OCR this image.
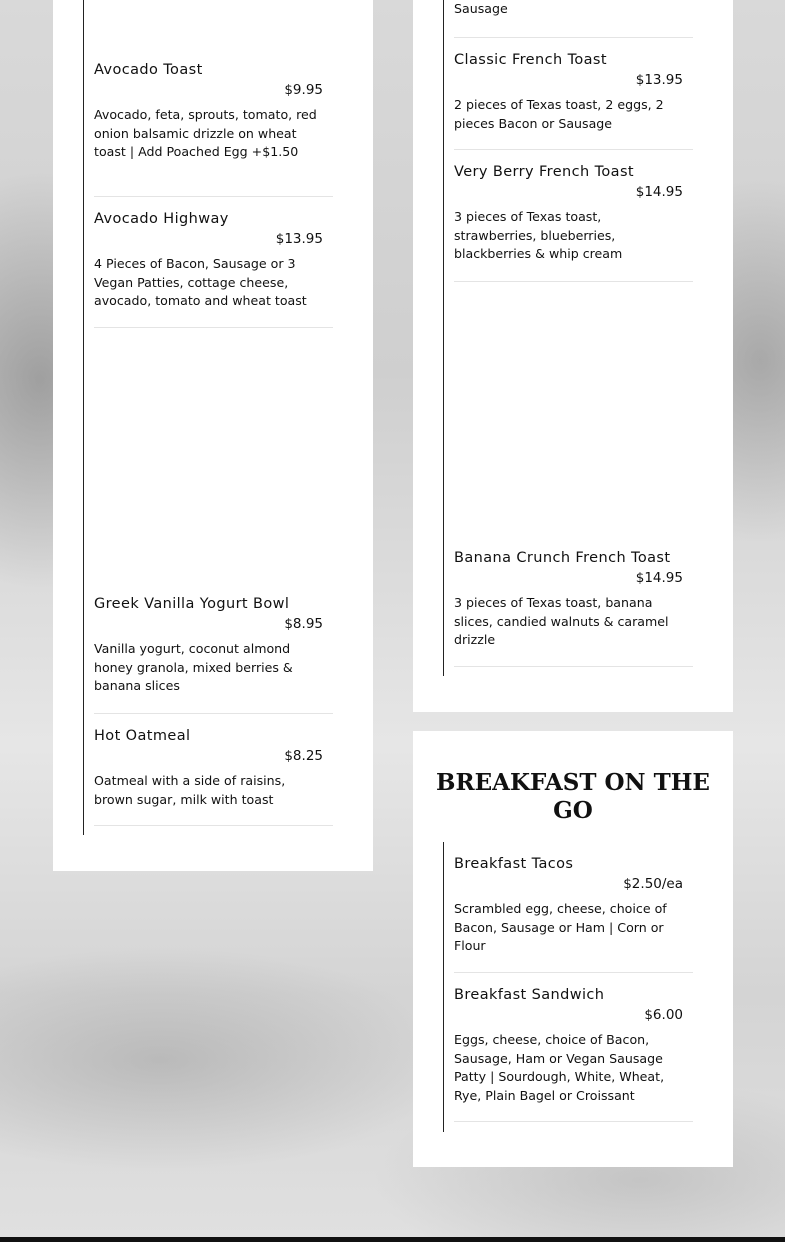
Avocado Toast
$9.95
Avocado, feta, sprouts, tomato, red onion balsamic drizzle on wheat toast | Add Poached Egg +$1.50
Avocado Highway
$13.95
4 Pieces of Bacon, Sausage or 3 Vegan Patties, cottage cheese, avocado, tomato and wheat toast
Greek Vanilla Yogurt Bowl
$8.95
Vanilla yogurt, coconut almond honey granola, mixed berries & banana slices
Hot Oatmeal
$8.25
Oatmeal with a side of raisins, brown sugar, milk with toast
Sausage
Classic French Toast
$13.95
2 pieces of Texas toast, 2 eggs, 2 pieces Bacon or Sausage
Very Berry French Toast
$14.95
3 pieces of Texas toast, strawberries, blueberries, blackberries & whip cream
Banana Crunch French Toast
$14.95
3 pieces of Texas toast, banana slices, candied walnuts & caramel drizzle
BREAKFAST ON THE GO
Breakfast Tacos
$2.50/ea
Scrambled egg, cheese, choice of Bacon, Sausage or Ham | Corn or Flour
Breakfast Sandwich
$6.00
Eggs, cheese, choice of Bacon, Sausage, Ham or Vegan Sausage Patty | Sourdough, White, Wheat, Rye, Plain Bagel or Croissant
